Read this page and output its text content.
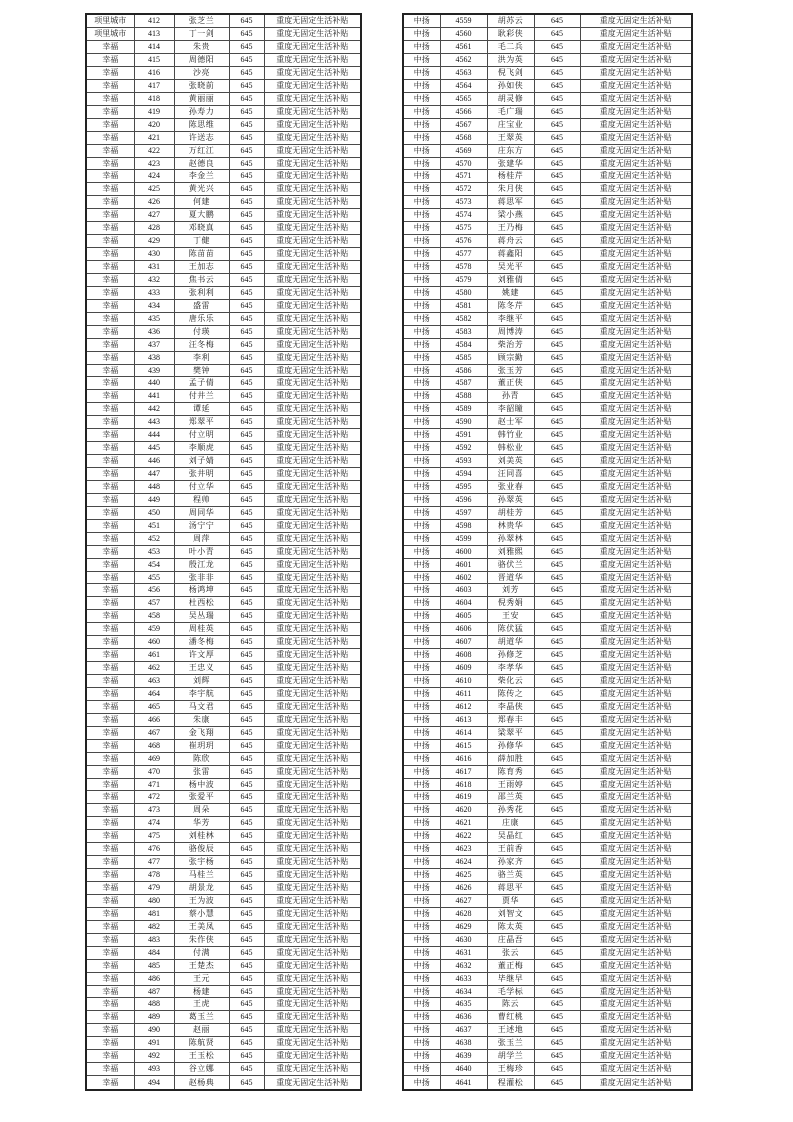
项里城市	412	张芝兰	645	重度无固定生活补贴
项里城市	413	丁一剑	645	重度无固定生活补贴
幸福	414	朱贵	645	重度无固定生活补贴
幸福	415	周德阳	645	重度无固定生活补贴
幸福	416	沙亮	645	重度无固定生活补贴
幸福	417	张晓前	645	重度无固定生活补贴
幸福	418	黄丽丽	645	重度无固定生活补贴
幸福	419	孙寿力	645	重度无固定生活补贴
幸福	420	陈思维	645	重度无固定生活补贴
幸福	421	许送志	645	重度无固定生活补贴
幸福	422	万红江	645	重度无固定生活补贴
幸福	423	赵德良	645	重度无固定生活补贴
幸福	424	李金兰	645	重度无固定生活补贴
幸福	425	黄光兴	645	重度无固定生活补贴
幸福	426	何建	645	重度无固定生活补贴
幸福	427	夏大鹏	645	重度无固定生活补贴
幸福	428	邓晓真	645	重度无固定生活补贴
幸福	429	丁健	645	重度无固定生活补贴
幸福	430	陈苗苗	645	重度无固定生活补贴
幸福	431	王加志	645	重度无固定生活补贴
幸福	432	焦书云	645	重度无固定生活补贴
幸福	433	张利利	645	重度无固定生活补贴
幸福	434	盛雷	645	重度无固定生活补贴
幸福	435	唐乐乐	645	重度无固定生活补贴
幸福	436	付瑛	645	重度无固定生活补贴
幸福	437	汪冬梅	645	重度无固定生活补贴
幸福	438	李利	645	重度无固定生活补贴
幸福	439	樊钟	645	重度无固定生活补贴
幸福	440	孟子倩	645	重度无固定生活补贴
幸福	441	付井兰	645	重度无固定生活补贴
幸福	442	谭延	645	重度无固定生活补贴
幸福	443	郑翠平	645	重度无固定生活补贴
幸福	444	付立明	645	重度无固定生活补贴
幸福	445	李顺虎	645	重度无固定生活补贴
幸福	446	刘子婧	645	重度无固定生活补贴
幸福	447	张井明	645	重度无固定生活补贴
幸福	448	付立华	645	重度无固定生活补贴
幸福	449	程帅	645	重度无固定生活补贴
幸福	450	周同华	645	重度无固定生活补贴
幸福	451	汤宁宁	645	重度无固定生活补贴
幸福	452	周萍	645	重度无固定生活补贴
幸福	453	叶小青	645	重度无固定生活补贴
幸福	454	殷江龙	645	重度无固定生活补贴
幸福	455	张非非	645	重度无固定生活补贴
幸福	456	杨鸿坤	645	重度无固定生活补贴
幸福	457	杜西松	645	重度无固定生活补贴
幸福	458	吴丛瑞	645	重度无固定生活补贴
幸福	459	周桂英	645	重度无固定生活补贴
幸福	460	潘冬梅	645	重度无固定生活补贴
幸福	461	许文厚	645	重度无固定生活补贴
幸福	462	王忠义	645	重度无固定生活补贴
幸福	463	刘辉	645	重度无固定生活补贴
幸福	464	李宇航	645	重度无固定生活补贴
幸福	465	马文君	645	重度无固定生活补贴
幸福	466	朱康	645	重度无固定生活补贴
幸福	467	金飞翔	645	重度无固定生活补贴
幸福	468	崔玥玥	645	重度无固定生活补贴
幸福	469	陈欣	645	重度无固定生活补贴
幸福	470	张雷	645	重度无固定生活补贴
幸福	471	杨中波	645	重度无固定生活补贴
幸福	472	张爱平	645	重度无固定生活补贴
幸福	473	周朵	645	重度无固定生活补贴
幸福	474	华芳	645	重度无固定生活补贴
幸福	475	刘桂林	645	重度无固定生活补贴
幸福	476	骆俊辰	645	重度无固定生活补贴
幸福	477	张宇杨	645	重度无固定生活补贴
幸福	478	马桂兰	645	重度无固定生活补贴
幸福	479	胡景龙	645	重度无固定生活补贴
幸福	480	王为波	645	重度无固定生活补贴
幸福	481	蔡小慧	645	重度无固定生活补贴
幸福	482	王美凤	645	重度无固定生活补贴
幸福	483	朱作侠	645	重度无固定生活补贴
幸福	484	付满	645	重度无固定生活补贴
幸福	485	王楚杰	645	重度无固定生活补贴
幸福	486	王元	645	重度无固定生活补贴
幸福	487	杨建	645	重度无固定生活补贴
幸福	488	王虎	645	重度无固定生活补贴
幸福	489	葛玉兰	645	重度无固定生活补贴
幸福	490	赵丽	645	重度无固定生活补贴
幸福	491	陈航贤	645	重度无固定生活补贴
幸福	492	王玉松	645	重度无固定生活补贴
幸福	493	谷立娜	645	重度无固定生活补贴
幸福	494	赵杨典	645	重度无固定生活补贴
中扬	4559	胡苏云	645	重度无固定生活补贴
中扬	4560	耿彩侠	645	重度无固定生活补贴
中扬	4561	毛二兵	645	重度无固定生活补贴
中扬	4562	洪为英	645	重度无固定生活补贴
中扬	4563	倪飞剑	645	重度无固定生活补贴
中扬	4564	孙如侠	645	重度无固定生活补贴
中扬	4565	胡灵修	645	重度无固定生活补贴
中扬	4566	毛广瑞	645	重度无固定生活补贴
中扬	4567	庄宝业	645	重度无固定生活补贴
中扬	4568	王翠英	645	重度无固定生活补贴
中扬	4569	庄东方	645	重度无固定生活补贴
中扬	4570	张建华	645	重度无固定生活补贴
中扬	4571	杨桂芹	645	重度无固定生活补贴
中扬	4572	朱月侠	645	重度无固定生活补贴
中扬	4573	蒋思军	645	重度无固定生活补贴
中扬	4574	梁小燕	645	重度无固定生活补贴
中扬	4575	王乃梅	645	重度无固定生活补贴
中扬	4576	蒋舟云	645	重度无固定生活补贴
中扬	4577	蒋鑫阳	645	重度无固定生活补贴
中扬	4578	吴光平	645	重度无固定生活补贴
中扬	4579	刘雅倩	645	重度无固定生活补贴
中扬	4580	姚建	645	重度无固定生活补贴
中扬	4581	陈冬芹	645	重度无固定生活补贴
中扬	4582	李继平	645	重度无固定生活补贴
中扬	4583	周博涛	645	重度无固定生活补贴
中扬	4584	柴治芳	645	重度无固定生活补贴
中扬	4585	顾宗勤	645	重度无固定生活补贴
中扬	4586	张玉芳	645	重度无固定生活补贴
中扬	4587	董正侠	645	重度无固定生活补贴
中扬	4588	孙青	645	重度无固定生活补贴
中扬	4589	李韶瞳	645	重度无固定生活补贴
中扬	4590	赵士军	645	重度无固定生活补贴
中扬	4591	韩竹业	645	重度无固定生活补贴
中扬	4592	韩松业	645	重度无固定生活补贴
中扬	4593	刘美英	645	重度无固定生活补贴
中扬	4594	汪同喜	645	重度无固定生活补贴
中扬	4595	张业春	645	重度无固定生活补贴
中扬	4596	孙翠英	645	重度无固定生活补贴
中扬	4597	胡桂芳	645	重度无固定生活补贴
中扬	4598	林贵华	645	重度无固定生活补贴
中扬	4599	孙翠林	645	重度无固定生活补贴
中扬	4600	刘雅熙	645	重度无固定生活补贴
中扬	4601	骆伏兰	645	重度无固定生活补贴
中扬	4602	晋道华	645	重度无固定生活补贴
中扬	4603	刘芳	645	重度无固定生活补贴
中扬	4604	倪秀娟	645	重度无固定生活补贴
中扬	4605	王安	645	重度无固定生活补贴
中扬	4606	陈伏猛	645	重度无固定生活补贴
中扬	4607	胡道华	645	重度无固定生活补贴
中扬	4608	孙修芝	645	重度无固定生活补贴
中扬	4609	李孝华	645	重度无固定生活补贴
中扬	4610	柴化云	645	重度无固定生活补贴
中扬	4611	陈传之	645	重度无固定生活补贴
中扬	4612	李晶侠	645	重度无固定生活补贴
中扬	4613	郑春丰	645	重度无固定生活补贴
中扬	4614	梁翠平	645	重度无固定生活补贴
中扬	4615	孙修华	645	重度无固定生活补贴
中扬	4616	薛加胜	645	重度无固定生活补贴
中扬	4617	陈育秀	645	重度无固定生活补贴
中扬	4618	王雨婷	645	重度无固定生活补贴
中扬	4619	邵兰英	645	重度无固定生活补贴
中扬	4620	孙秀花	645	重度无固定生活补贴
中扬	4621	庄康	645	重度无固定生活补贴
中扬	4622	吴晶红	645	重度无固定生活补贴
中扬	4623	王前香	645	重度无固定生活补贴
中扬	4624	孙家齐	645	重度无固定生活补贴
中扬	4625	骆兰英	645	重度无固定生活补贴
中扬	4626	蒋思平	645	重度无固定生活补贴
中扬	4627	贾华	645	重度无固定生活补贴
中扬	4628	刘智文	645	重度无固定生活补贴
中扬	4629	陈太英	645	重度无固定生活补贴
中扬	4630	庄晶吾	645	重度无固定生活补贴
中扬	4631	张云	645	重度无固定生活补贴
中扬	4632	董正梅	645	重度无固定生活补贴
中扬	4633	毕继早	645	重度无固定生活补贴
中扬	4634	毛学标	645	重度无固定生活补贴
中扬	4635	陈云	645	重度无固定生活补贴
中扬	4636	曹红桃	645	重度无固定生活补贴
中扬	4637	王述地	645	重度无固定生活补贴
中扬	4638	张玉兰	645	重度无固定生活补贴
中扬	4639	胡学兰	645	重度无固定生活补贴
中扬	4640	王梅珍	645	重度无固定生活补贴
中扬	4641	程灌松	645	重度无固定生活补贴
